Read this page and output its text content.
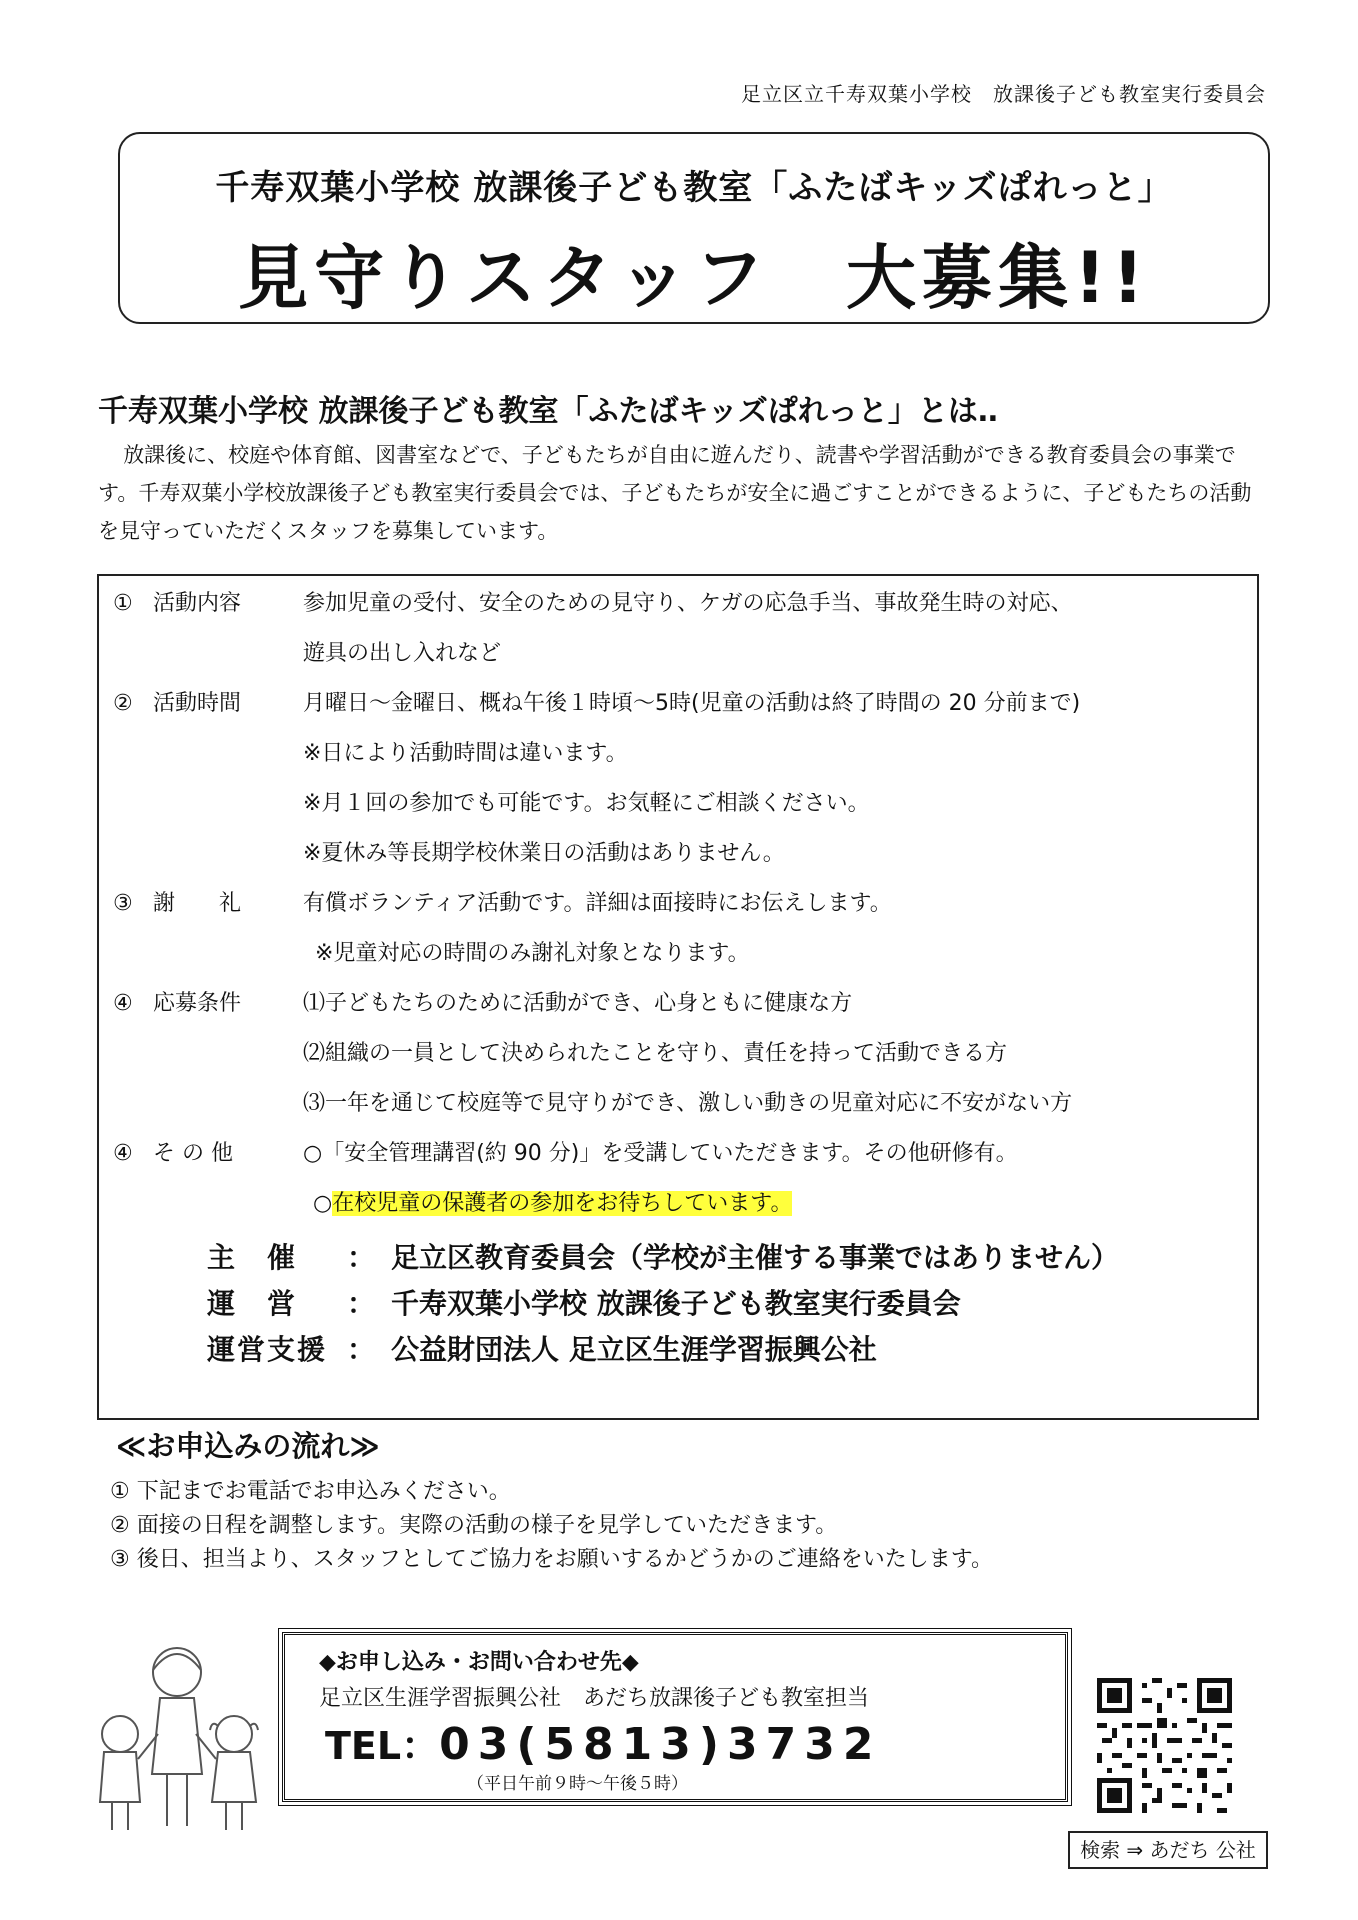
足立区立千寿双葉小学校　放課後子ども教室実行委員会
千寿双葉小学校 放課後子ども教室「ふたばキッズぱれっと」
見守りスタッフ　大募集!!
千寿双葉小学校 放課後子ども教室「ふたばキッズぱれっと」とは‥
放課後に、校庭や体育館、図書室などで、子どもたちが自由に遊んだり、読書や学習活動ができる教育委員会の事業です。千寿双葉小学校放課後子ども教室実行委員会では、子どもたちが安全に過ごすことができるように、子どもたちの活動を見守っていただくスタッフを募集しています。
① 活動内容	参加児童の受付、安全のための見守り、ケガの応急手当、事故発生時の対応、
遊具の出し入れなど
② 活動時間	月曜日～金曜日、概ね午後１時頃～5時(児童の活動は終了時間の 20 分前まで)
※日により活動時間は違います。
※月１回の参加でも可能です。お気軽にご相談ください。
※夏休み等長期学校休業日の活動はありません。
③ 謝　　礼	有償ボランティア活動です。詳細は面接時にお伝えします。
※児童対応の時間のみ謝礼対象となります。
④ 応募条件	⑴子どもたちのために活動ができ、心身ともに健康な方
⑵組織の一員として決められたことを守り、責任を持って活動できる方
⑶一年を通じて校庭等で見守りができ、激しい動きの児童対応に不安がない方
④ そ の 他	○「安全管理講習(約 90 分)」を受講していただきます。その他研修有。
○在校児童の保護者の参加をお待ちしています。
主　催 ： 足立区教育委員会（学校が主催する事業ではありません）
運　営 ： 千寿双葉小学校 放課後子ども教室実行委員会
運営支援 ： 公益財団法人 足立区生涯学習振興公社
≪お申込みの流れ≫
① 下記までお電話でお申込みください。
② 面接の日程を調整します。実際の活動の様子を見学していただきます。
③ 後日、担当より、スタッフとしてご協力をお願いするかどうかのご連絡をいたします。
◆お申し込み・お問い合わせ先◆
足立区生涯学習振興公社　あだち放課後子ども教室担当
TEL：03(5813)3732
（平日午前９時～午後５時）
検索 ⇒ あだち 公社
